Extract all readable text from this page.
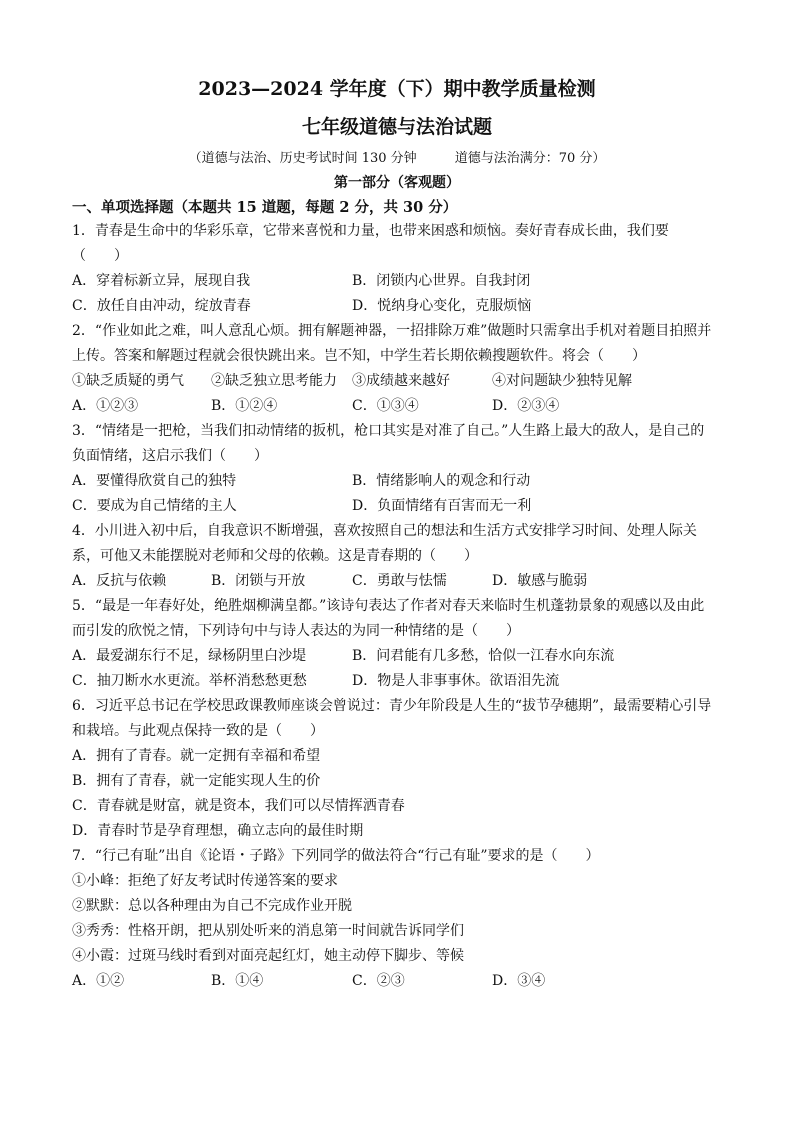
2023—2024 学年度（下）期中教学质量检测
七年级道德与法治试题
（道德与法治、历史考试时间 130 分钟	道德与法治满分：70 分）
第一部分（客观题）
一、单项选择题（本题共 15 道题，每题 2 分，共 30 分）
1．青春是生命中的华彩乐章，它带来喜悦和力量，也带来困惑和烦恼。奏好青春成长曲，我们要
（　　）
A．穿着标新立异，展现自我	B．闭锁内心世界。自我封闭
C．放任自由冲动，绽放青春	D．悦纳身心变化，克服烦恼
2．“作业如此之难，叫人意乱心烦。拥有解题神器，一招排除万难”做题时只需拿出手机对着题目拍照并
上传。答案和解题过程就会很快跳出来。岂不知，中学生若长期依赖搜题软件。将会（　　）
①缺乏质疑的勇气 ②缺乏独立思考能力 ③成绩越来越好	④对问题缺少独特见解
A．①②③	B．①②④	C．①③④	D．②③④
3．“情绪是一把枪，当我们扣动情绪的扳机，枪口其实是对准了自己。”人生路上最大的敌人，是自己的
负面情绪，这启示我们（　　）
A．要懂得欣赏自己的独特	B．情绪影响人的观念和行动
C．要成为自己情绪的主人	D．负面情绪有百害而无一利
4．小川进入初中后，自我意识不断增强，喜欢按照自己的想法和生活方式安排学习时间、处理人际关
系，可他又未能摆脱对老师和父母的依赖。这是青春期的（　　）
A．反抗与依赖	B．闭锁与开放	C．勇敢与怯懦	D．敏感与脆弱
5．“最是一年春好处，绝胜烟柳满皇都。”该诗句表达了作者对春天来临时生机蓬勃景象的观感以及由此
而引发的欣悦之情，下列诗句中与诗人表达的为同一种情绪的是（　　）
A．最爱湖东行不足，绿杨阴里白沙堤	B．问君能有几多愁，恰似一江春水向东流
C．抽刀断水水更流。举杯消愁愁更愁	D．物是人非事事休。欲语泪先流
6．习近平总书记在学校思政课教师座谈会曾说过：青少年阶段是人生的“拔节孕穗期”，最需要精心引导
和栽培。与此观点保持一致的是（　　）
A．拥有了青春。就一定拥有幸福和希望
B．拥有了青春，就一定能实现人生的价
C．青春就是财富，就是资本，我们可以尽情挥洒青春
D．青春时节是孕育理想，确立志向的最佳时期
7．“行己有耻”出自《论语・子路》下列同学的做法符合“行己有耻”要求的是（　　）
①小峰：拒绝了好友考试时传递答案的要求
②默默：总以各种理由为自己不完成作业开脱
③秀秀：性格开朗，把从别处听来的消息第一时间就告诉同学们
④小霞：过斑马线时看到对面亮起红灯，她主动停下脚步、等候
A．①②	B．①④	C．②③	D．③④
